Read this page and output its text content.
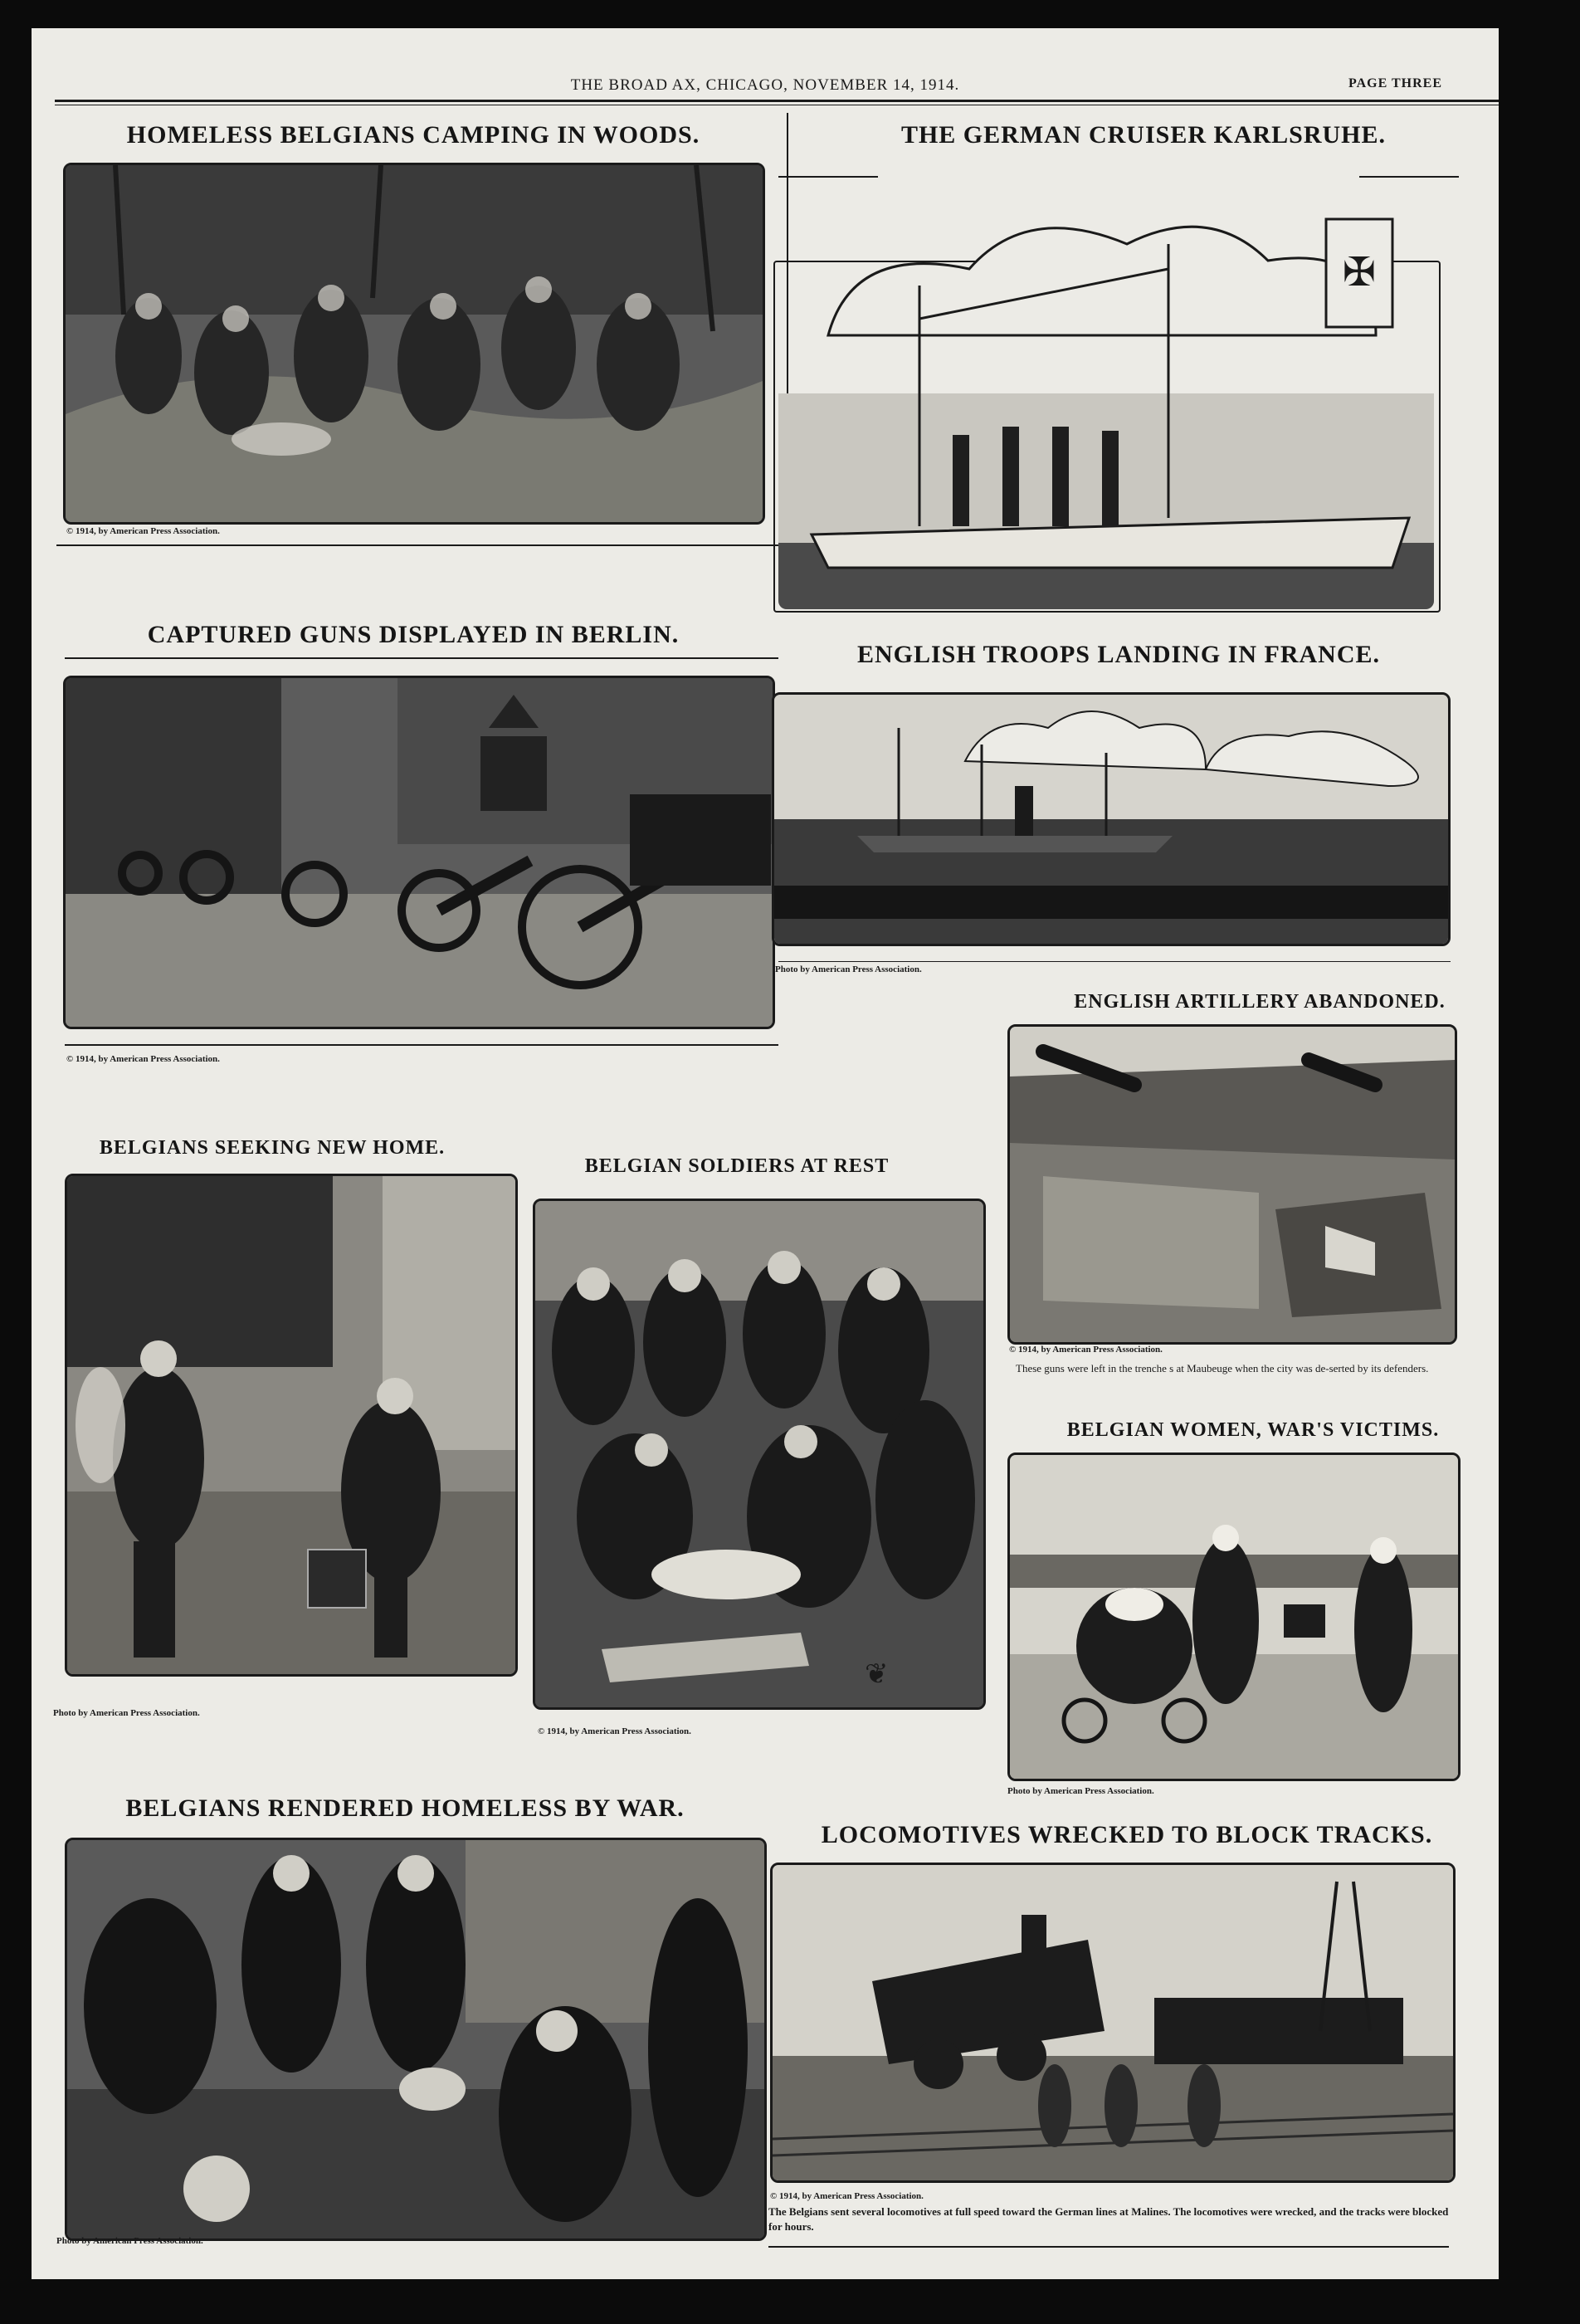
THE BROAD AX, CHICAGO, NOVEMBER 14, 1914.	PAGE THREE
HOMELESS BELGIANS CAMPING IN WOODS.
© 1914, by American Press Association.
THE GERMAN CRUISER KARLSRUHE.
✠
CAPTURED GUNS DISPLAYED IN BERLIN.
© 1914, by American Press Association.
ENGLISH TROOPS LANDING IN FRANCE.
Photo by American Press Association.
ENGLISH ARTILLERY ABANDONED.
© 1914, by American Press Association.
These guns were left in the trenche s at Maubeuge when the city was de-serted by its defenders.
BELGIANS SEEKING NEW HOME.
Photo by American Press Association.
BELGIAN SOLDIERS AT REST
© 1914, by American Press Association.
❦
BELGIAN WOMEN, WAR'S VICTIMS.
Photo by American Press Association.
BELGIANS RENDERED HOMELESS BY WAR.
Photo by American Press Association.
LOCOMOTIVES WRECKED TO BLOCK TRACKS.
© 1914, by American Press Association.
The Belgians sent several locomotives at full speed toward the German lines at Malines. The locomotives were wrecked, and the tracks were blocked for hours.
